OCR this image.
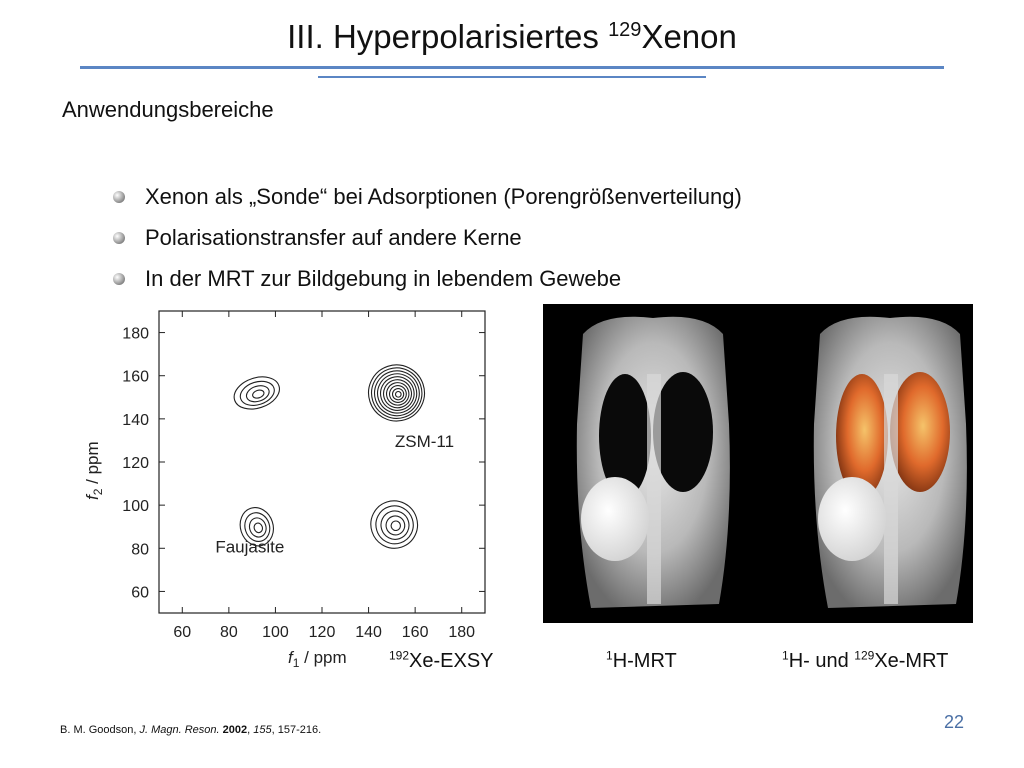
III. Hyperpolarisiertes $^{129}$Xenon
Anwendungsbereiche
Xenon als „Sonde“ bei Adsorptionen (Porengrößenverteilung)
Polarisationstransfer auf andere Kerne
In der MRT zur Bildgebung in lebendem Gewebe
60 80 100 120 140 160 180
60
80
100
120
140
160
180
ZSM-11
Faujasite
$f_1$ / ppm
$f_2$ / ppm
$^{192}$Xe-EXSY	$^1$H-MRT	$^1$H- und $^{129}$Xe-MRT
B. M. Goodson, J. Magn. Reson. 2002, 155, 157-216.	22
